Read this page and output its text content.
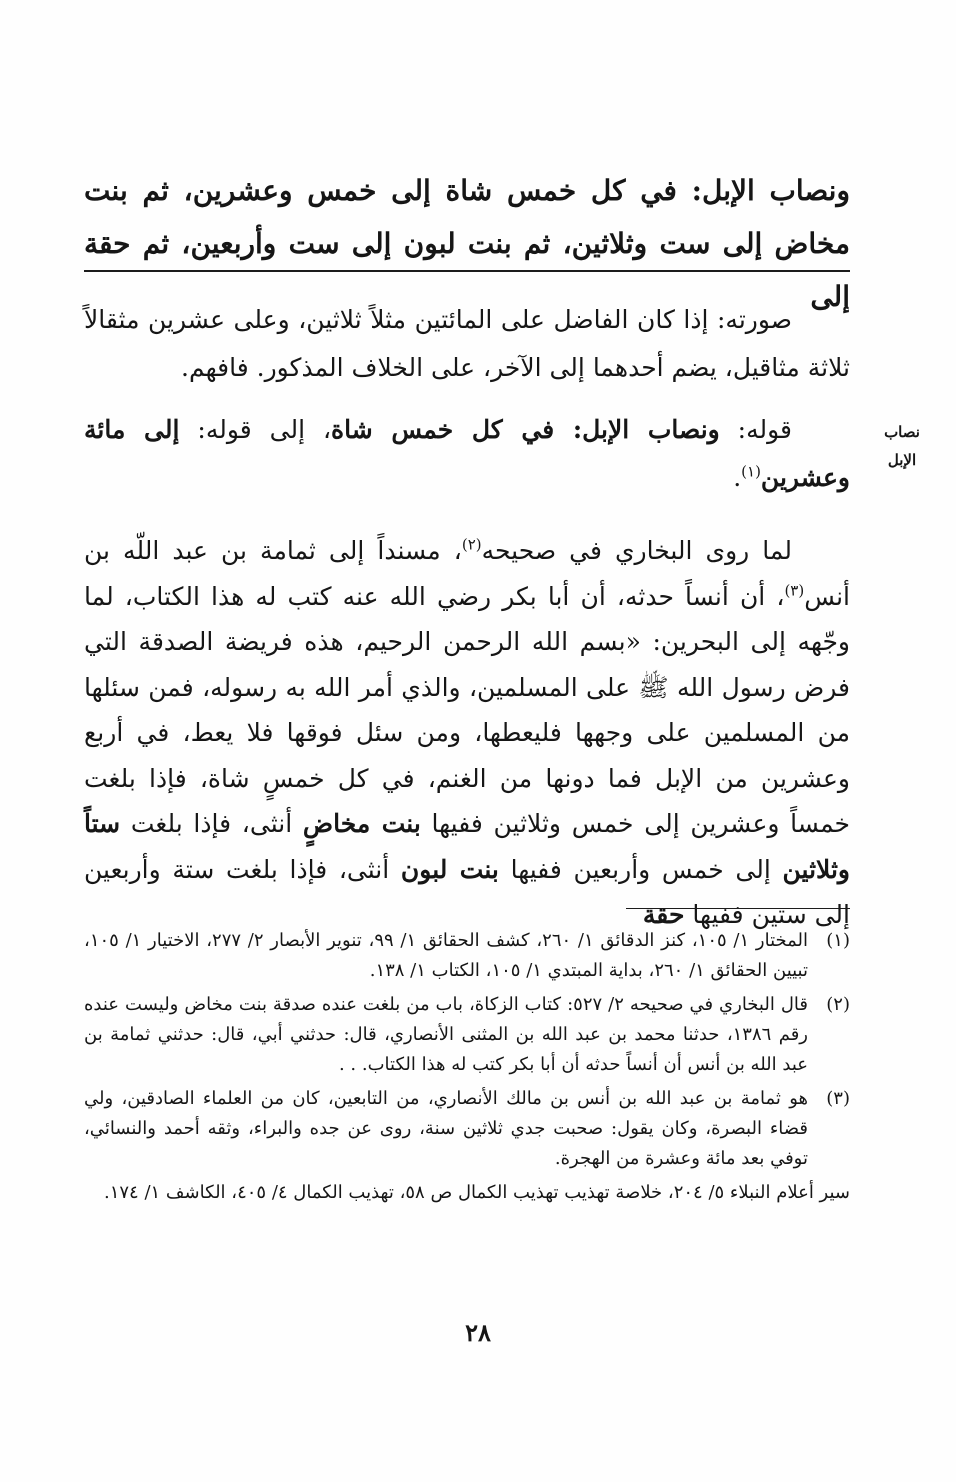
ونصاب الإبل: في كل خمس شاة إلى خمس وعشرين، ثم بنت مخاض إلى ست وثلاثين، ثم بنت لبون إلى ست وأربعين، ثم حقة إلى
صورته: إذا كان الفاضل على المائتين مثلاً ثلاثين، وعلى عشرين مثقالاً ثلاثة مثاقيل، يضم أحدهما إلى الآخر، على الخلاف المذكور. فافهم.
نصاب
الإبل
قوله: ونصاب الإبل: في كل خمس شاة، إلى قوله: إلى مائة وعشرين$^{(١)}$.
لما روى البخاري في صحيحه$^{(٢)}$، مسنداً إلى ثمامة بن عبد اللّه بن أنس$^{(٣)}$، أن أنساً حدثه، أن أبا بكر رضي الله عنه كتب له هذا الكتاب، لما وجّهه إلى البحرين: «بسم الله الرحمن الرحيم، هذه فريضة الصدقة التي فرض رسول الله ﷺ على المسلمين، والذي أمر الله به رسوله، فمن سئلها من المسلمين على وجهها فليعطها، ومن سئل فوقها فلا يعط، في أربع وعشرين من الإبل فما دونها من الغنم، في كل خمسٍ شاة، فإذا بلغت خمساً وعشرين إلى خمس وثلاثين ففيها بنت مخاضٍ أنثى، فإذا بلغت ستاً وثلاثين إلى خمس وأربعين ففيها بنت لبون أنثى، فإذا بلغت ستة وأربعين إلى ستين ففيها حقة
(١)
المختار ١/ ١٠٥، كنز الدقائق ١/ ٢٦٠، كشف الحقائق ١/ ٩٩، تنوير الأبصار ٢/ ٢٧٧، الاختيار ١/ ١٠٥، تبيين الحقائق ١/ ٢٦٠، بداية المبتدي ١/ ١٠٥، الكتاب ١/ ١٣٨.
(٢)
قال البخاري في صحيحه ٢/ ٥٢٧: كتاب الزكاة، باب من بلغت عنده صدقة بنت مخاض وليست عنده رقم ١٣٨٦، حدثنا محمد بن عبد الله بن المثنى الأنصاري، قال: حدثني أبي، قال: حدثني ثمامة بن عبد الله بن أنس أن أنساً حدثه أن أبا بكر كتب له هذا الكتاب. . .
(٣)
هو ثمامة بن عبد الله بن أنس بن مالك الأنصاري، من التابعين، كان من العلماء الصادقين، ولي قضاء البصرة، وكان يقول: صحبت جدي ثلاثين سنة، روى عن جده والبراء، وثقه أحمد والنسائي، توفي بعد مائة وعشرة من الهجرة.
سير أعلام النبلاء ٥/ ٢٠٤، خلاصة تهذيب تهذيب الكمال ص ٥٨، تهذيب الكمال ٤/ ٤٠٥، الكاشف ١/ ١٧٤.
٢٨
